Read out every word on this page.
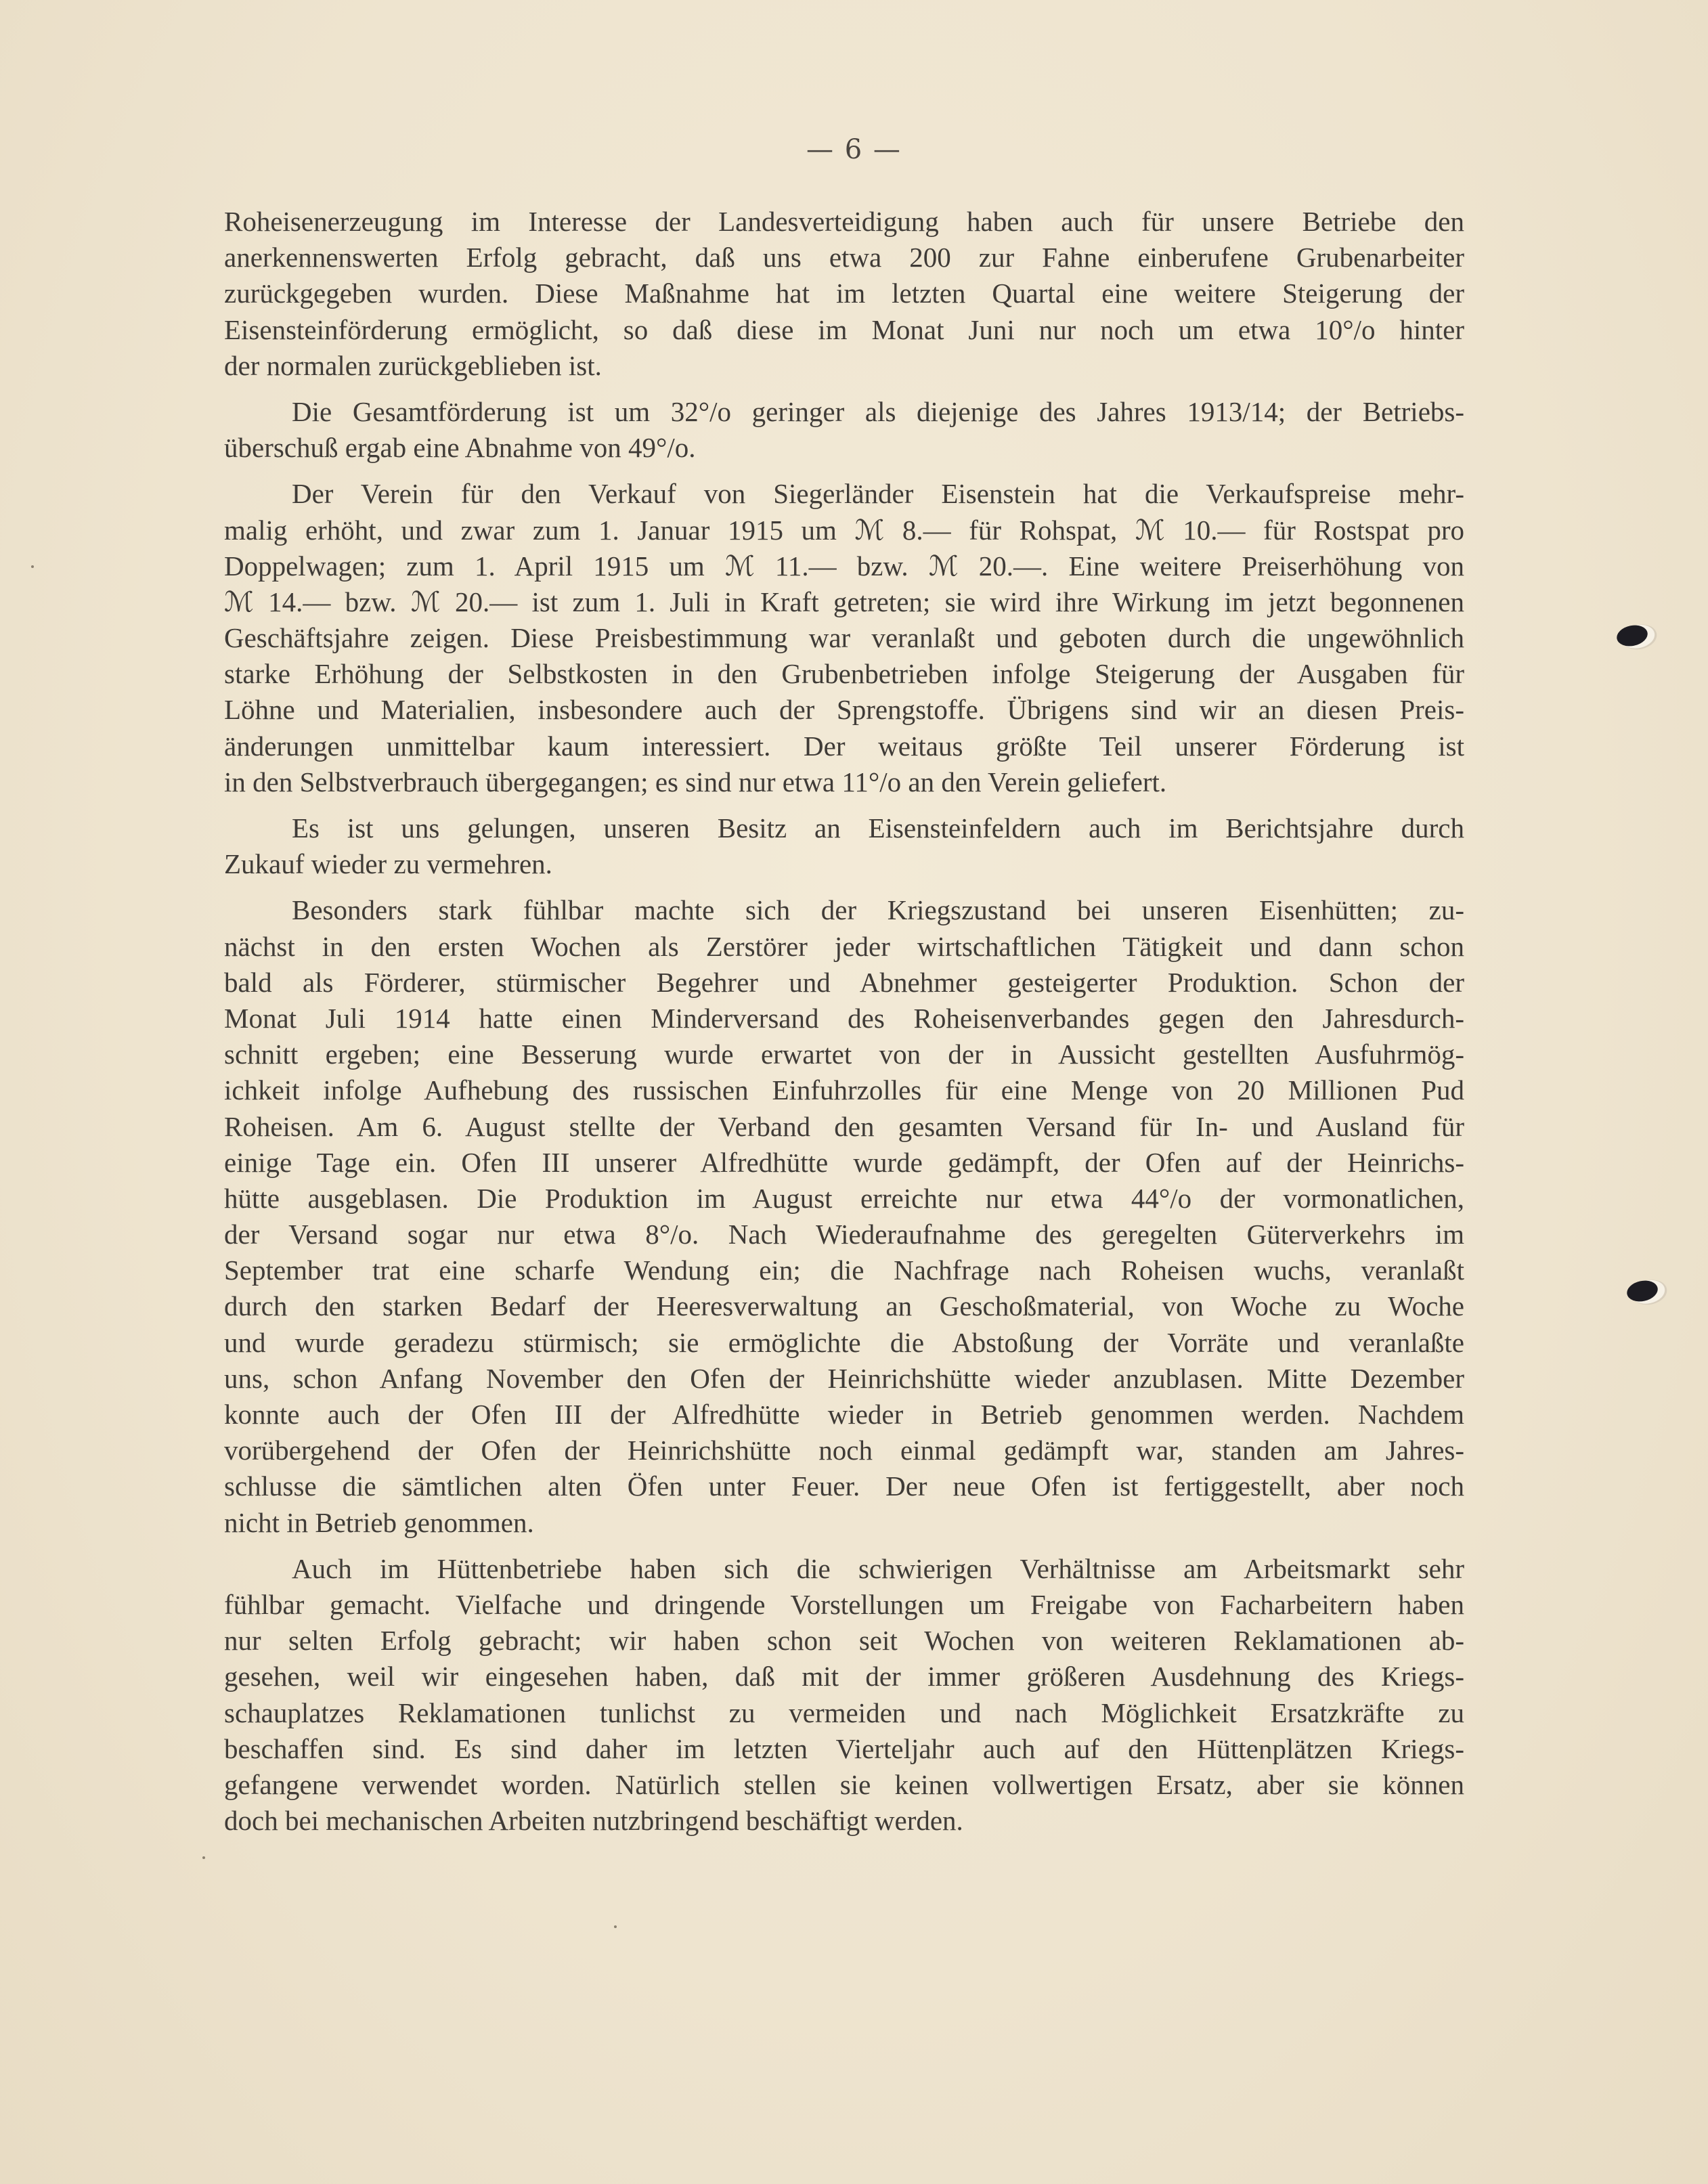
— 6 —
Roheisenerzeugung im Interesse der Landesverteidigung haben auch für unsere Betriebe den
anerkennenswerten Erfolg gebracht, daß uns etwa 200 zur Fahne einberufene Grubenarbeiter
zurückgegeben wurden. Diese Maßnahme hat im letzten Quartal eine weitere Steigerung der
Eisensteinförderung ermöglicht, so daß diese im Monat Juni nur noch um etwa 10°/o hinter
der normalen zurückgeblieben ist.
Die Gesamtförderung ist um 32°/o geringer als diejenige des Jahres 1913/14; der Betriebs-
überschuß ergab eine Abnahme von 49°/o.
Der Verein für den Verkauf von Siegerländer Eisenstein hat die Verkaufspreise mehr-
malig erhöht, und zwar zum 1. Januar 1915 um ℳ 8.— für Rohspat, ℳ 10.— für Rostspat pro
Doppelwagen; zum 1. April 1915 um ℳ 11.— bzw. ℳ 20.—. Eine weitere Preiserhöhung von
ℳ 14.— bzw. ℳ 20.— ist zum 1. Juli in Kraft getreten; sie wird ihre Wirkung im jetzt begonnenen
Geschäftsjahre zeigen. Diese Preisbestimmung war veranlaßt und geboten durch die ungewöhnlich
starke Erhöhung der Selbstkosten in den Grubenbetrieben infolge Steigerung der Ausgaben für
Löhne und Materialien, insbesondere auch der Sprengstoffe. Übrigens sind wir an diesen Preis-
änderungen unmittelbar kaum interessiert. Der weitaus größte Teil unserer Förderung ist
in den Selbstverbrauch übergegangen; es sind nur etwa 11°/o an den Verein geliefert.
Es ist uns gelungen, unseren Besitz an Eisensteinfeldern auch im Berichtsjahre durch
Zukauf wieder zu vermehren.
Besonders stark fühlbar machte sich der Kriegszustand bei unseren Eisenhütten; zu-
nächst in den ersten Wochen als Zerstörer jeder wirtschaftlichen Tätigkeit und dann schon
bald als Förderer, stürmischer Begehrer und Abnehmer gesteigerter Produktion. Schon der
Monat Juli 1914 hatte einen Minderversand des Roheisenverbandes gegen den Jahresdurch-
schnitt ergeben; eine Besserung wurde erwartet von der in Aussicht gestellten Ausfuhrmög-
ichkeit infolge Aufhebung des russischen Einfuhrzolles für eine Menge von 20 Millionen Pud
Roheisen. Am 6. August stellte der Verband den gesamten Versand für In- und Ausland für
einige Tage ein. Ofen III unserer Alfredhütte wurde gedämpft, der Ofen auf der Heinrichs-
hütte ausgeblasen. Die Produktion im August erreichte nur etwa 44°/o der vormonatlichen,
der Versand sogar nur etwa 8°/o. Nach Wiederaufnahme des geregelten Güterverkehrs im
September trat eine scharfe Wendung ein; die Nachfrage nach Roheisen wuchs, veranlaßt
durch den starken Bedarf der Heeresverwaltung an Geschoßmaterial, von Woche zu Woche
und wurde geradezu stürmisch; sie ermöglichte die Abstoßung der Vorräte und veranlaßte
uns, schon Anfang November den Ofen der Heinrichshütte wieder anzublasen. Mitte Dezember
konnte auch der Ofen III der Alfredhütte wieder in Betrieb genommen werden. Nachdem
vorübergehend der Ofen der Heinrichshütte noch einmal gedämpft war, standen am Jahres-
schlusse die sämtlichen alten Öfen unter Feuer. Der neue Ofen ist fertiggestellt, aber noch
nicht in Betrieb genommen.
Auch im Hüttenbetriebe haben sich die schwierigen Verhältnisse am Arbeitsmarkt sehr
fühlbar gemacht. Vielfache und dringende Vorstellungen um Freigabe von Facharbeitern haben
nur selten Erfolg gebracht; wir haben schon seit Wochen von weiteren Reklamationen ab-
gesehen, weil wir eingesehen haben, daß mit der immer größeren Ausdehnung des Kriegs-
schauplatzes Reklamationen tunlichst zu vermeiden und nach Möglichkeit Ersatzkräfte zu
beschaffen sind. Es sind daher im letzten Vierteljahr auch auf den Hüttenplätzen Kriegs-
gefangene verwendet worden. Natürlich stellen sie keinen vollwertigen Ersatz, aber sie können
doch bei mechanischen Arbeiten nutzbringend beschäftigt werden.
